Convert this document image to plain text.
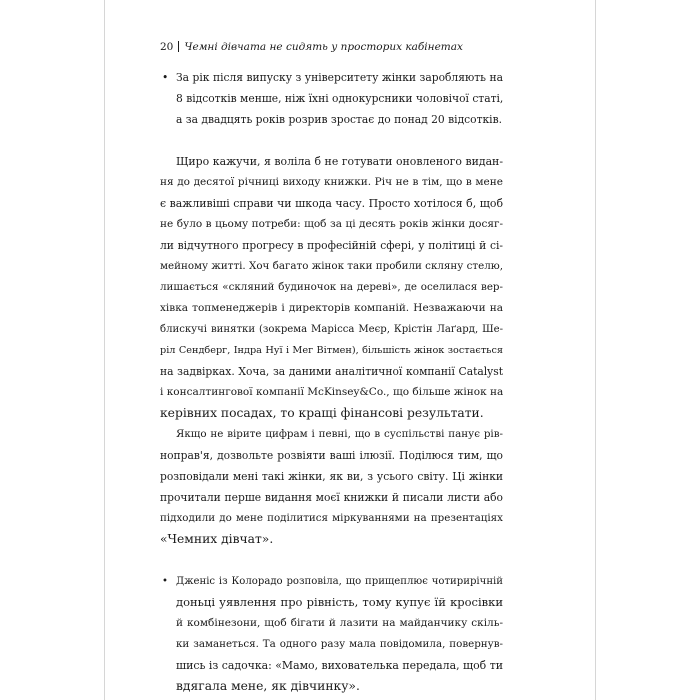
20 Чемні дівчата не сидять у просторих кабінетах
• За рік після випуску з університету жінки заробляють на
8 відсотків менше, ніж їхні однокурсники чоловічої статі,
а за двадцять років розрив зростає до понад 20 відсотків.
Щиро кажучи, я воліла б не готувати оновленого видан-
ня до десятої річниці виходу книжки. Річ не в тім, що в мене
є важливіші справи чи шкода часу. Просто хотілося б, щоб
не було в цьому потреби: щоб за ці десять років жінки досяг-
ли відчутного прогресу в професійній сфері, у політиці й сі-
мейному житті. Хоч багато жінок таки пробили скляну стелю,
лишається «скляний будиночок на дереві», де оселилася вер-
хівка топменеджерів і директорів компаній. Незважаючи на
блискучі винятки (зокрема Марісса Меєр, Крістін Лаґард, Ше-
ріл Сендберг, Індра Нуї і Мег Вітмен), більшість жінок зостається
на задвірках. Хоча, за даними аналітичної компанії Catalyst
і консалтингової компанії McKinsey&Co., що більше жінок на
керівних посадах, то кращі фінансові результати.
Якщо не вірите цифрам і певні, що в суспільстві панує рів-
ноправ'я, дозвольте розвіяти ваші ілюзії. Поділюся тим, що
розповідали мені такі жінки, як ви, з усього світу. Ці жінки
прочитали перше видання моєї книжки й писали листи або
підходили до мене поділитися міркуваннями на презентаціях
«Чемних дівчат».
• Дженіс із Колорадо розповіла, що прищеплює чотирирічній
доньці уявлення про рівність, тому купує їй кросівки
й комбінезони, щоб бігати й лазити на майданчику скіль-
ки заманеться. Та одного разу мала повідомила, повернув-
шись із садочка: «Мамо, вихователька передала, щоб ти
вдягала мене, як дівчинку».
